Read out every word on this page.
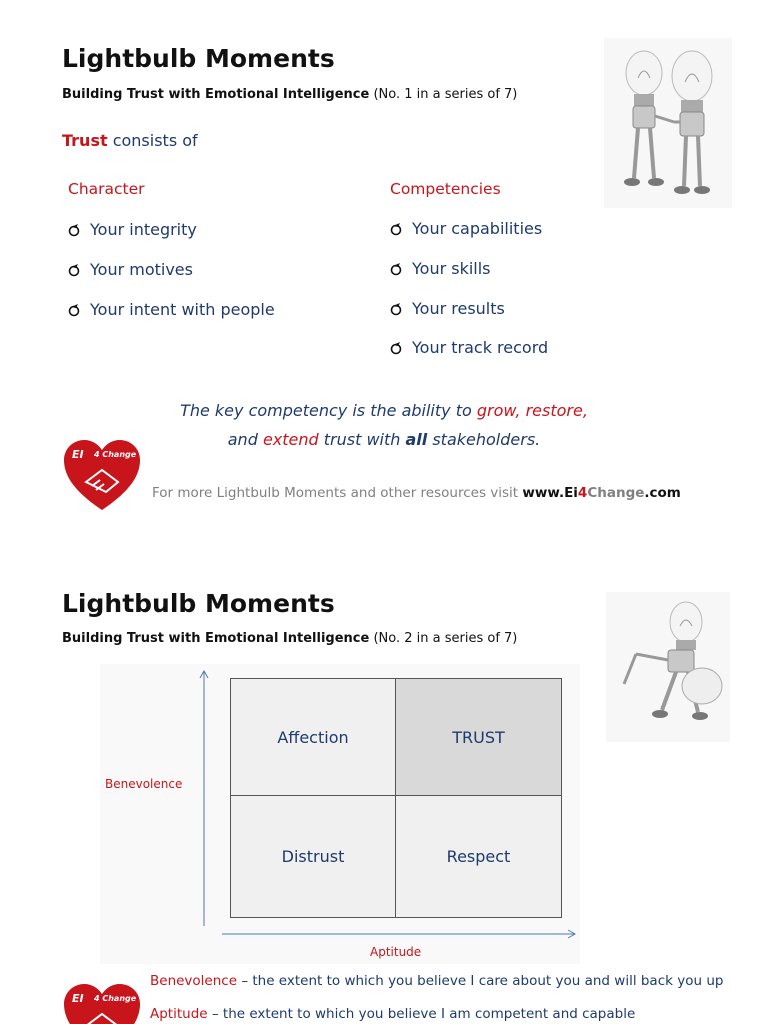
Lightbulb Moments
Building Trust with Emotional Intelligence (No. 1 in a series of 7)
Trust consists of
Character	Competencies
Your integrity
Your motives
Your intent with people
Your capabilities
Your skills
Your results
Your track record
The key competency is the ability to grow, restore,
and extend trust with all stakeholders.
EI 4 Change
For more Lightbulb Moments and other resources visit www.Ei4Change.com
Lightbulb Moments
Building Trust with Emotional Intelligence (No. 2 in a series of 7)
Benevolence
Aptitude
Affection	TRUST
Distrust	Respect
EI 4 Change
Benevolence – the extent to which you believe I care about you and will back you up
Aptitude – the extent to which you believe I am competent and capable
